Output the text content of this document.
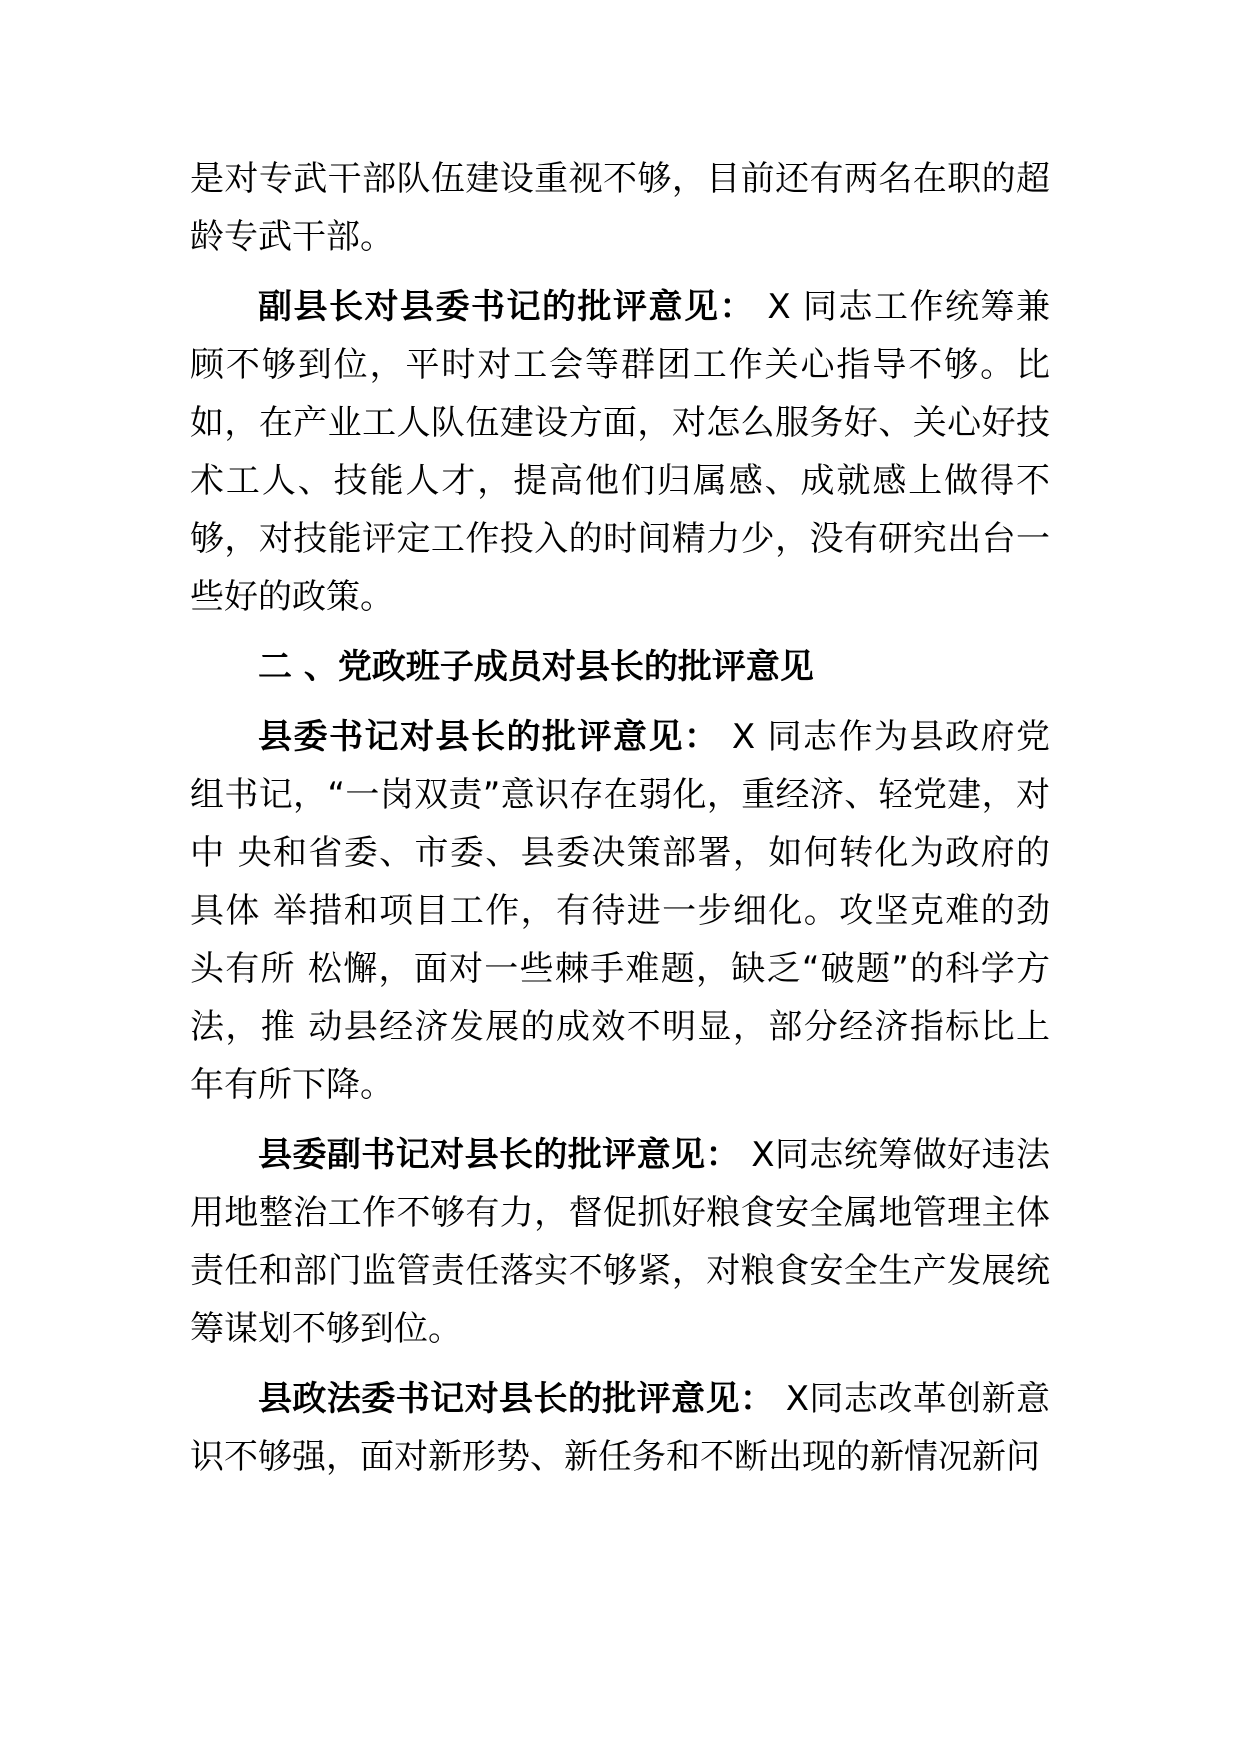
是对专武干部队伍建设重视不够，目前还有两名在职的超龄专武干部。

副县长对县委书记的批评意见： X 同志工作统筹兼顾不够到位，平时对工会等群团工作关心指导不够。比如，在产业工人队伍建设方面，对怎么服务好、关心好技术工人、技能人才，提高他们归属感、成就感上做得不够，对技能评定工作投入的时间精力少，没有研究出台一些好的政策。

二 、党政班子成员对县长的批评意见

县委书记对县长的批评意见： X 同志作为县政府党组书记，“一岗双责”意识存在弱化，重经济、轻党建，对中 央和省委、市委、县委决策部署，如何转化为政府的具体 举措和项目工作，有待进一步细化。攻坚克难的劲头有所 松懈，面对一些棘手难题，缺乏“破题”的科学方法，推 动县经济发展的成效不明显，部分经济指标比上年有所下降。

县委副书记对县长的批评意见： X同志统筹做好违法用地整治工作不够有力，督促抓好粮食安全属地管理主体责任和部门监管责任落实不够紧，对粮食安全生产发展统筹谋划不够到位。

县政法委书记对县长的批评意见： X同志改革创新意识不够强，面对新形势、新任务和不断出现的新情况新问
